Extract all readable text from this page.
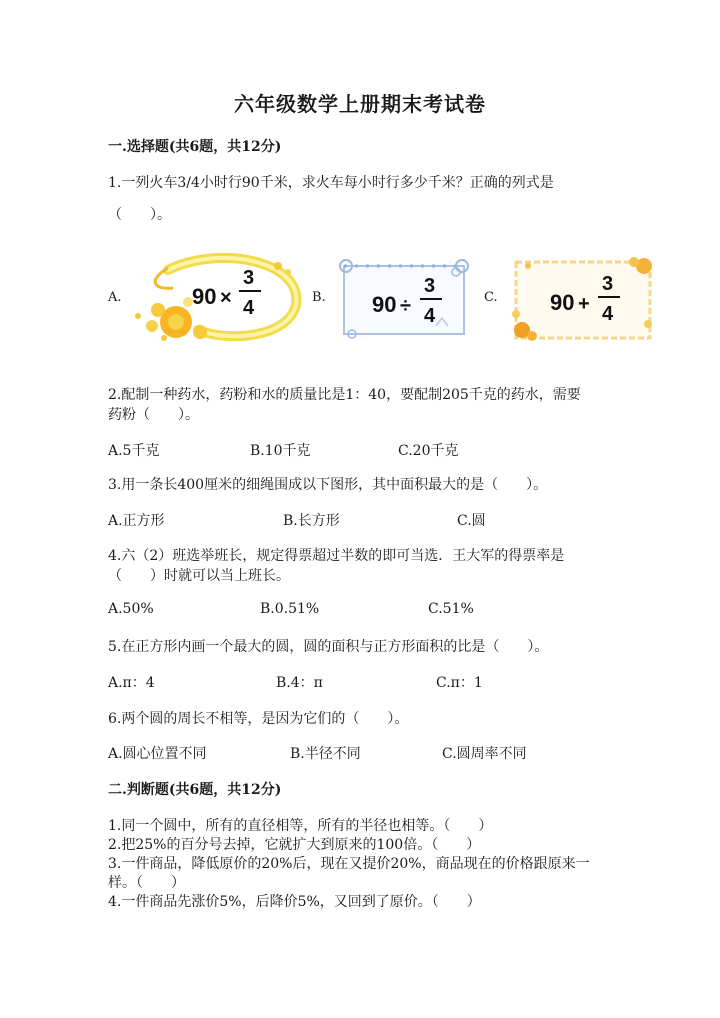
六年级数学上册期末考试卷
一.选择题(共6题，共12分)
1.一列火车3/4小时行90千米，求火车每小时行多少千米？正确的列式是
（　　）。
A.	90 ×
3
4	B. 90 ÷
3
4
C. 90 +
3
4
2.配制一种药水，药粉和水的质量比是1：40，要配制205千克的药水，需要
药粉（　　）。
A.5千克	B.10千克	C.20千克
3.用一条长400厘米的细绳围成以下图形，其中面积最大的是（　　）。
A.正方形	B.长方形	C.圆
4.六（2）班选举班长，规定得票超过半数的即可当选．王大军的得票率是
（　　）时就可以当上班长。
A.50%	B.0.51%	C.51%
5.在正方形内画一个最大的圆，圆的面积与正方形面积的比是（　　）。
A.π：4	B.4：π	C.π：1
6.两个圆的周长不相等，是因为它们的（　　）。
A.圆心位置不同	B.半径不同	C.圆周率不同
二.判断题(共6题，共12分)
1.同一个圆中，所有的直径相等，所有的半径也相等。（　　）
2.把25%的百分号去掉，它就扩大到原来的100倍。（　　）
3.一件商品，降低原价的20%后，现在又提价20%，商品现在的价格跟原来一
样。（　　）
4.一件商品先涨价5%，后降价5%，又回到了原价。（　　）
